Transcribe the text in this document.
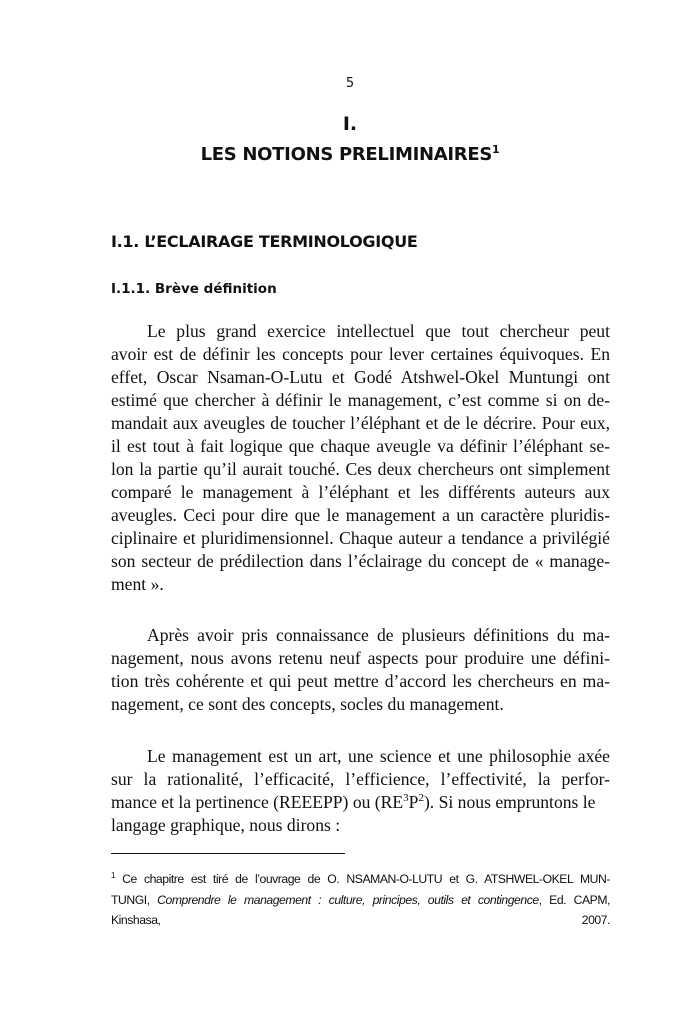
5
I.
LES NOTIONS PRELIMINAIRES$^1$
I.1. L’ECLAIRAGE TERMINOLOGIQUE
I.1.1. Brève définition
Le plus grand exercice intellectuel que tout chercheur peut
avoir est de définir les concepts pour lever certaines équivoques. En
effet, Oscar Nsaman-O-Lutu et Godé Atshwel-Okel Muntungi ont
estimé que chercher à définir le management, c’est comme si on de-
mandait aux aveugles de toucher l’éléphant et de le décrire. Pour eux,
il est tout à fait logique que chaque aveugle va définir l’éléphant se-
lon la partie qu’il aurait touché. Ces deux chercheurs ont simplement
comparé le management à l’éléphant et les différents auteurs aux
aveugles. Ceci pour dire que le management a un caractère pluridis-
ciplinaire et pluridimensionnel. Chaque auteur a tendance a privilégié
son secteur de prédilection dans l’éclairage du concept de « manage-
ment ».
Après avoir pris connaissance de plusieurs définitions du ma-
nagement, nous avons retenu neuf aspects pour produire une défini-
tion très cohérente et qui peut mettre d’accord les chercheurs en ma-
nagement, ce sont des concepts, socles du management.
Le management est un art, une science et une philosophie axée
sur la rationalité, l’efficacité, l’efficience, l’effectivité, la perfor-
mance et la pertinence (REEEPP) ou $(RE^3P^2)$. Si nous empruntons le
langage graphique, nous dirons :
$^1$ Ce chapitre est tiré de l’ouvrage de O. NSAMAN-O-LUTU et G. ATSHWEL-OKEL MUN-
TUNGI, Comprendre le management : culture, principes, outils et contingence, Ed. CAPM,
Kinshasa, 2007.
